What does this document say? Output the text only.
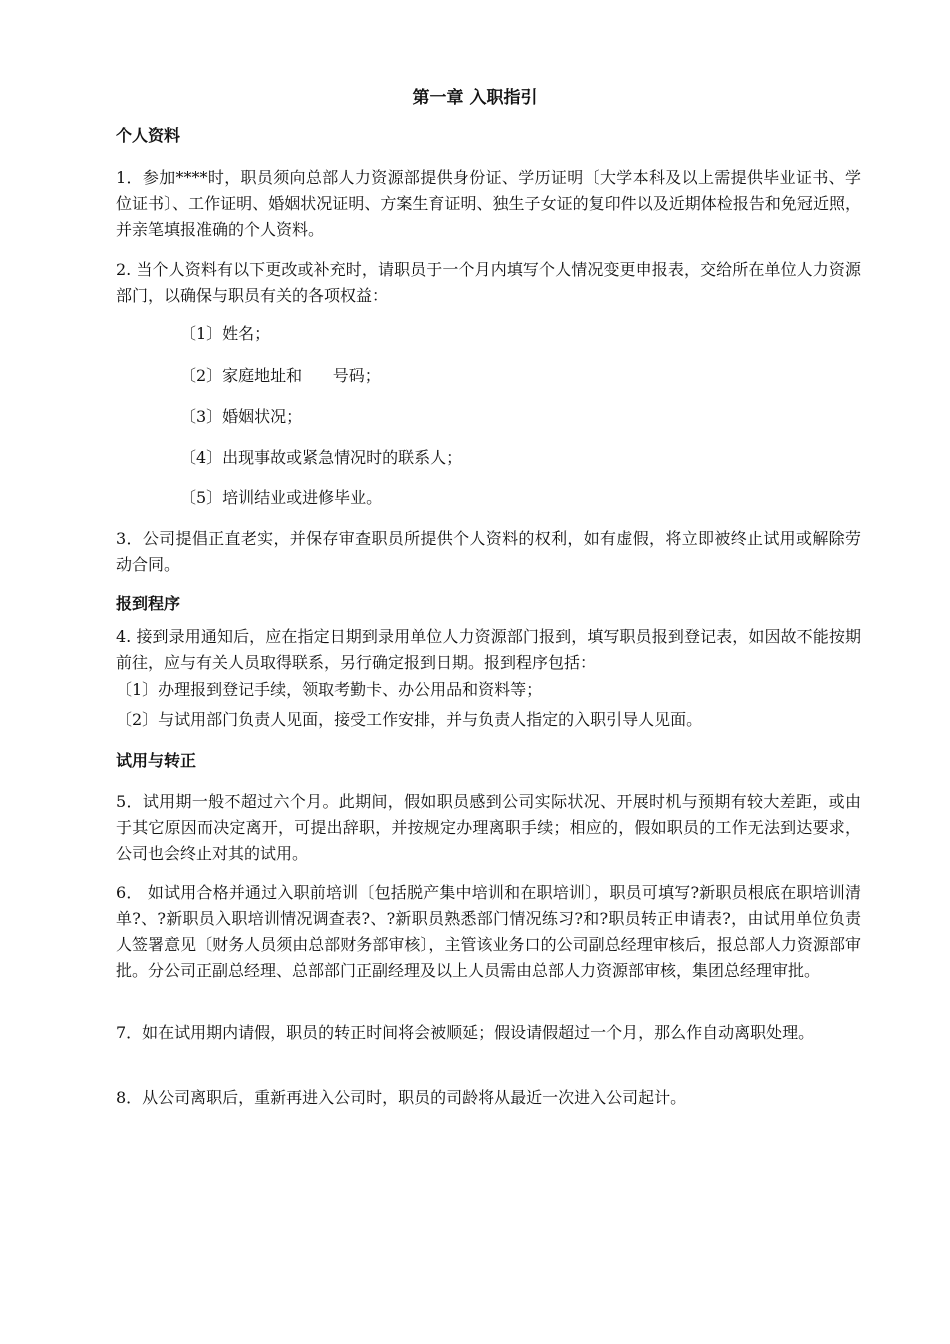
第一章 入职指引
个人资料

1．参加****时，职员须向总部人力资源部提供身份证、学历证明〔大学本科及以上需提供毕业证书、学位证书〕、工作证明、婚姻状况证明、方案生育证明、独生子女证的复印件以及近期体检报告和免冠近照，并亲笔填报准确的个人资料。

2. 当个人资料有以下更改或补充时，请职员于一个月内填写个人情况变更申报表，交给所在单位人力资源部门，以确保与职员有关的各项权益：

〔1〕姓名；

〔2〕家庭地址和      号码；

〔3〕婚姻状况；

〔4〕出现事故或紧急情况时的联系人；

〔5〕培训结业或进修毕业。

3．公司提倡正直老实，并保存审查职员所提供个人资料的权利，如有虚假，将立即被终止试用或解除劳动合同。

报到程序

4. 接到录用通知后，应在指定日期到录用单位人力资源部门报到，填写职员报到登记表，如因故不能按期前往，应与有关人员取得联系，另行确定报到日期。报到程序包括：

〔1〕办理报到登记手续，领取考勤卡、办公用品和资料等；

〔2〕与试用部门负责人见面，接受工作安排，并与负责人指定的入职引导人见面。

试用与转正

5．试用期一般不超过六个月。此期间，假如职员感到公司实际状况、开展时机与预期有较大差距，或由于其它原因而决定离开，可提出辞职，并按规定办理离职手续；相应的，假如职员的工作无法到达要求，公司也会终止对其的试用。

6． 如试用合格并通过入职前培训〔包括脱产集中培训和在职培训〕，职员可填写?新职员根底在职培训清单?、?新职员入职培训情况调查表?、?新职员熟悉部门情况练习?和?职员转正申请表?，由试用单位负责人签署意见〔财务人员须由总部财务部审核〕，主管该业务口的公司副总经理审核后，报总部人力资源部审批。分公司正副总经理、总部部门正副经理及以上人员需由总部人力资源部审核，集团总经理审批。

7．如在试用期内请假，职员的转正时间将会被顺延；假设请假超过一个月，那么作自动离职处理。

8．从公司离职后，重新再进入公司时，职员的司龄将从最近一次进入公司起计。
